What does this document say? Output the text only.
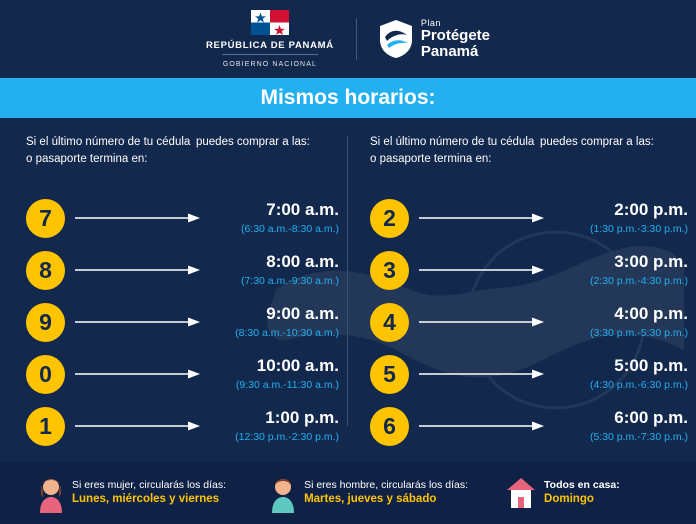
REPÚBLICA DE PANAMÁ
GOBIERNO NACIONAL
Plan
Protégete
Panamá
Mismos horarios:
Si el último número de tu cédula o pasaporte termina en:
puedes comprar a las:
7	7:00 a.m.
(6:30 a.m.-8:30 a.m.)
8	8:00 a.m.
(7:30 a.m.-9:30 a.m.)
9	9:00 a.m.
(8:30 a.m.-10:30 a.m.)
0	10:00 a.m.
(9:30 a.m.-11:30 a.m.)
1	1:00 p.m.
(12:30 p.m.-2:30 p.m.)
Si el último número de tu cédula o pasaporte termina en:
puedes comprar a las:
2	2:00 p.m.
(1:30 p.m.-3:30 p.m.)
3	3:00 p.m.
(2:30 p.m.-4:30 p.m.)
4	4:00 p.m.
(3:30 p.m.-5:30 p.m.)
5	5:00 p.m.
(4:30 p.m.-6:30 p.m.)
6	6:00 p.m.
(5:30 p.m.-7:30 p.m.)
Si eres mujer, circularás los días:
Lunes, miércoles y viernes
Si eres hombre, circularás los días:
Martes, jueves y sábado
Todos en casa:
Domingo
